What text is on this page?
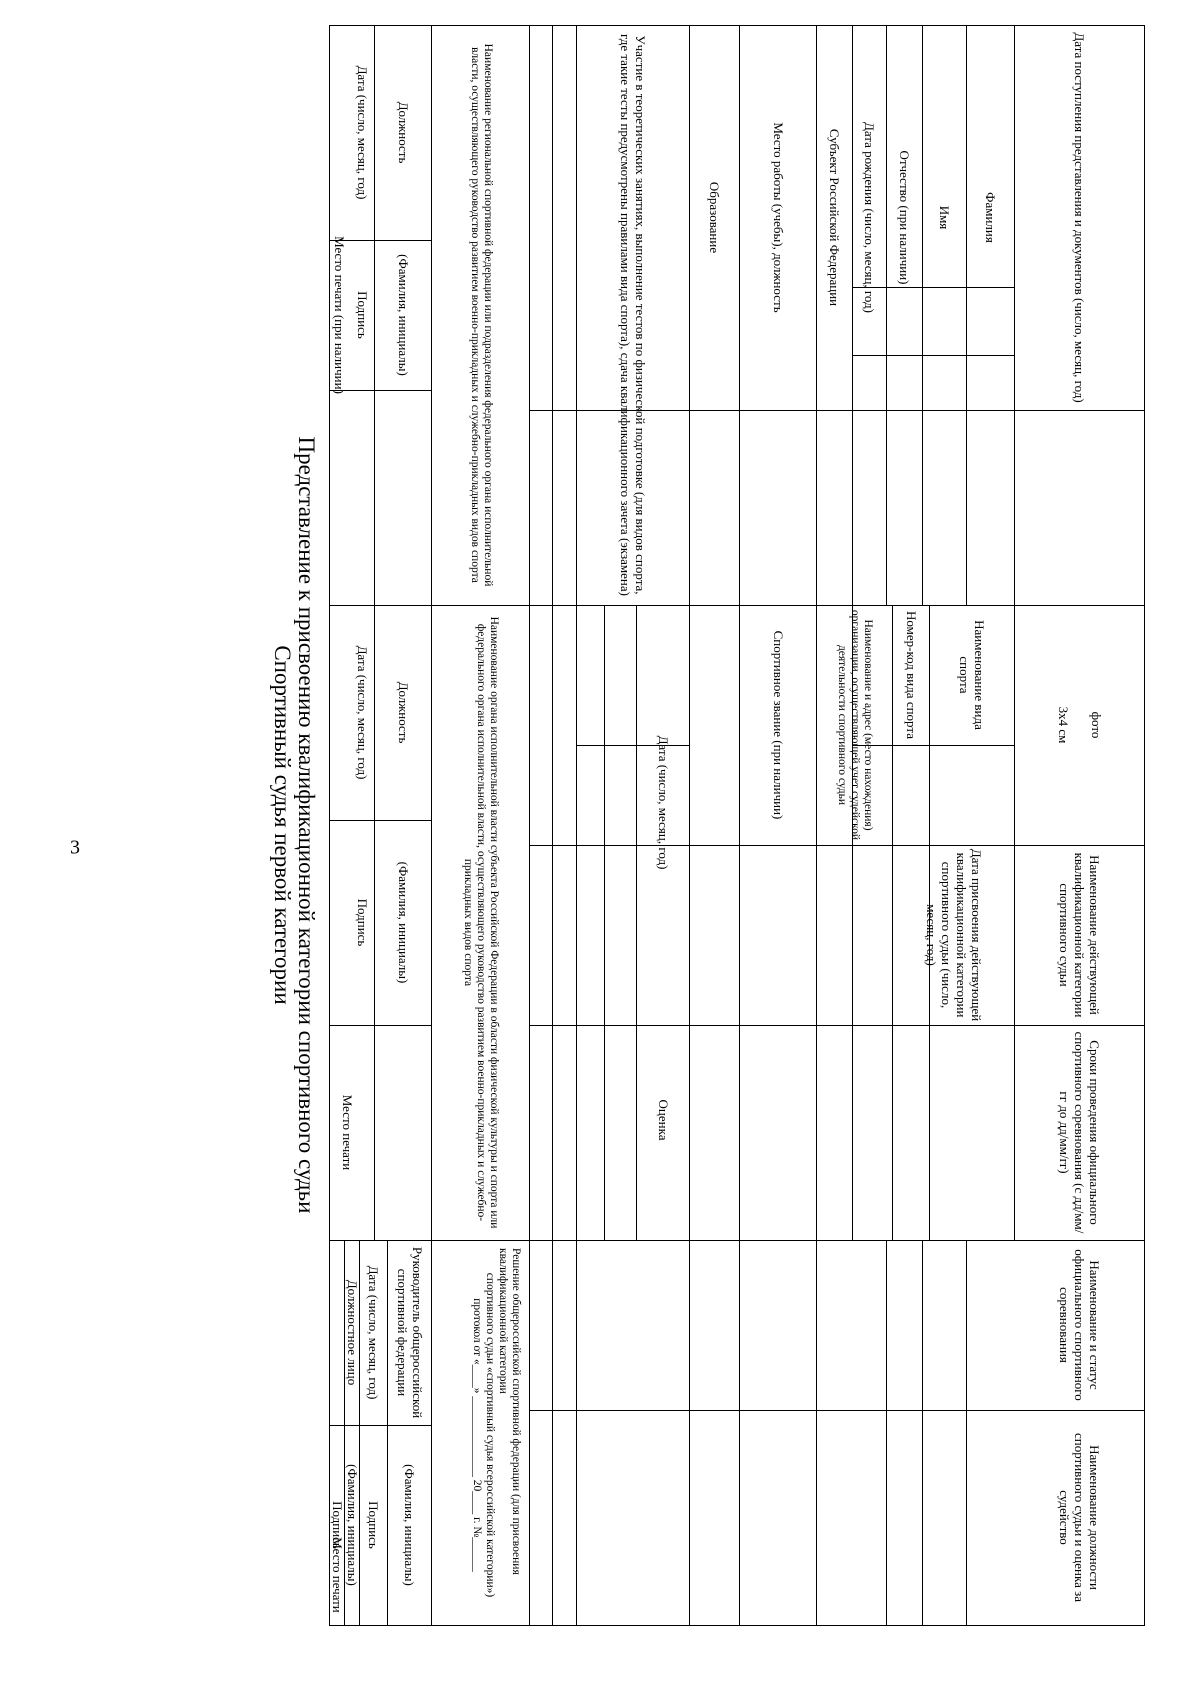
3
Дата поступления представления и документов (число, месяц, год)
фото
3х4 см
Наименование действующей квалификационной категории спортивного судьи
Сроки проведения официального спортивного соревнования (с дд/мм/гг до дд/мм/гг)
Наименование и статус официального спортивного соревнования
Наименование должности спортивного судьи и оценка за судейство
Фамилия
Имя
Отчество (при наличии)
Дата рождения (число, месяц, год)
Субъект Российской Федерации
Место работы (учебы), должность
Образование
Участие в теоретических занятиях, выполнение тестов по физической подготовке (для видов спорта, где такие тесты предусмотрены правилами вида спорта), сдача квалификационного зачета (экзамена)
Наименование вида спорта
Номер-код вида спорта
Наименование и адрес (место нахождения) организации, осуществляющей учет судейской деятельности спортивного судьи
Спортивное звание (при наличии)
Дата присвоения действующей квалификационной категории спортивного судьи (число, месяц, год)
Дата (число, месяц, год)
Оценка
Наименование региональной спортивной федерации или подразделения федерального органа исполнительной власти, осуществляющего руководство развитием военно-прикладных и служебно-прикладных видов спорта
Наименование органа исполнительной власти субъекта Российской Федерации в области физической культуры и спорта или федерального органа исполнительной власти, осуществляющего руководство развитием военно-прикладных и служебно-прикладных видов спорта
Решение общероссийской спортивной федерации (для присвоения квалификационной категории
спортивного судьи «спортивный судья всероссийской категории»)
протокол от «____» ______________ 20____ г. №______
Должность
(Фамилия, инициалы)
Должность
(Фамилия, инициалы)
Руководитель общероссийской спортивной федерации
(Фамилия, инициалы)
Дата (число, месяц, год)
Подпись
Место печати (при наличии)
Дата (число, месяц, год)
Подпись
Место печати
Дата (число, месяц, год)
Подпись
Должностное лицо
(Фамилия, инициалы)
Подпись
Место печати
Представление к присвоению квалификационной категории спортивного судьи
Спортивный судья первой категории
